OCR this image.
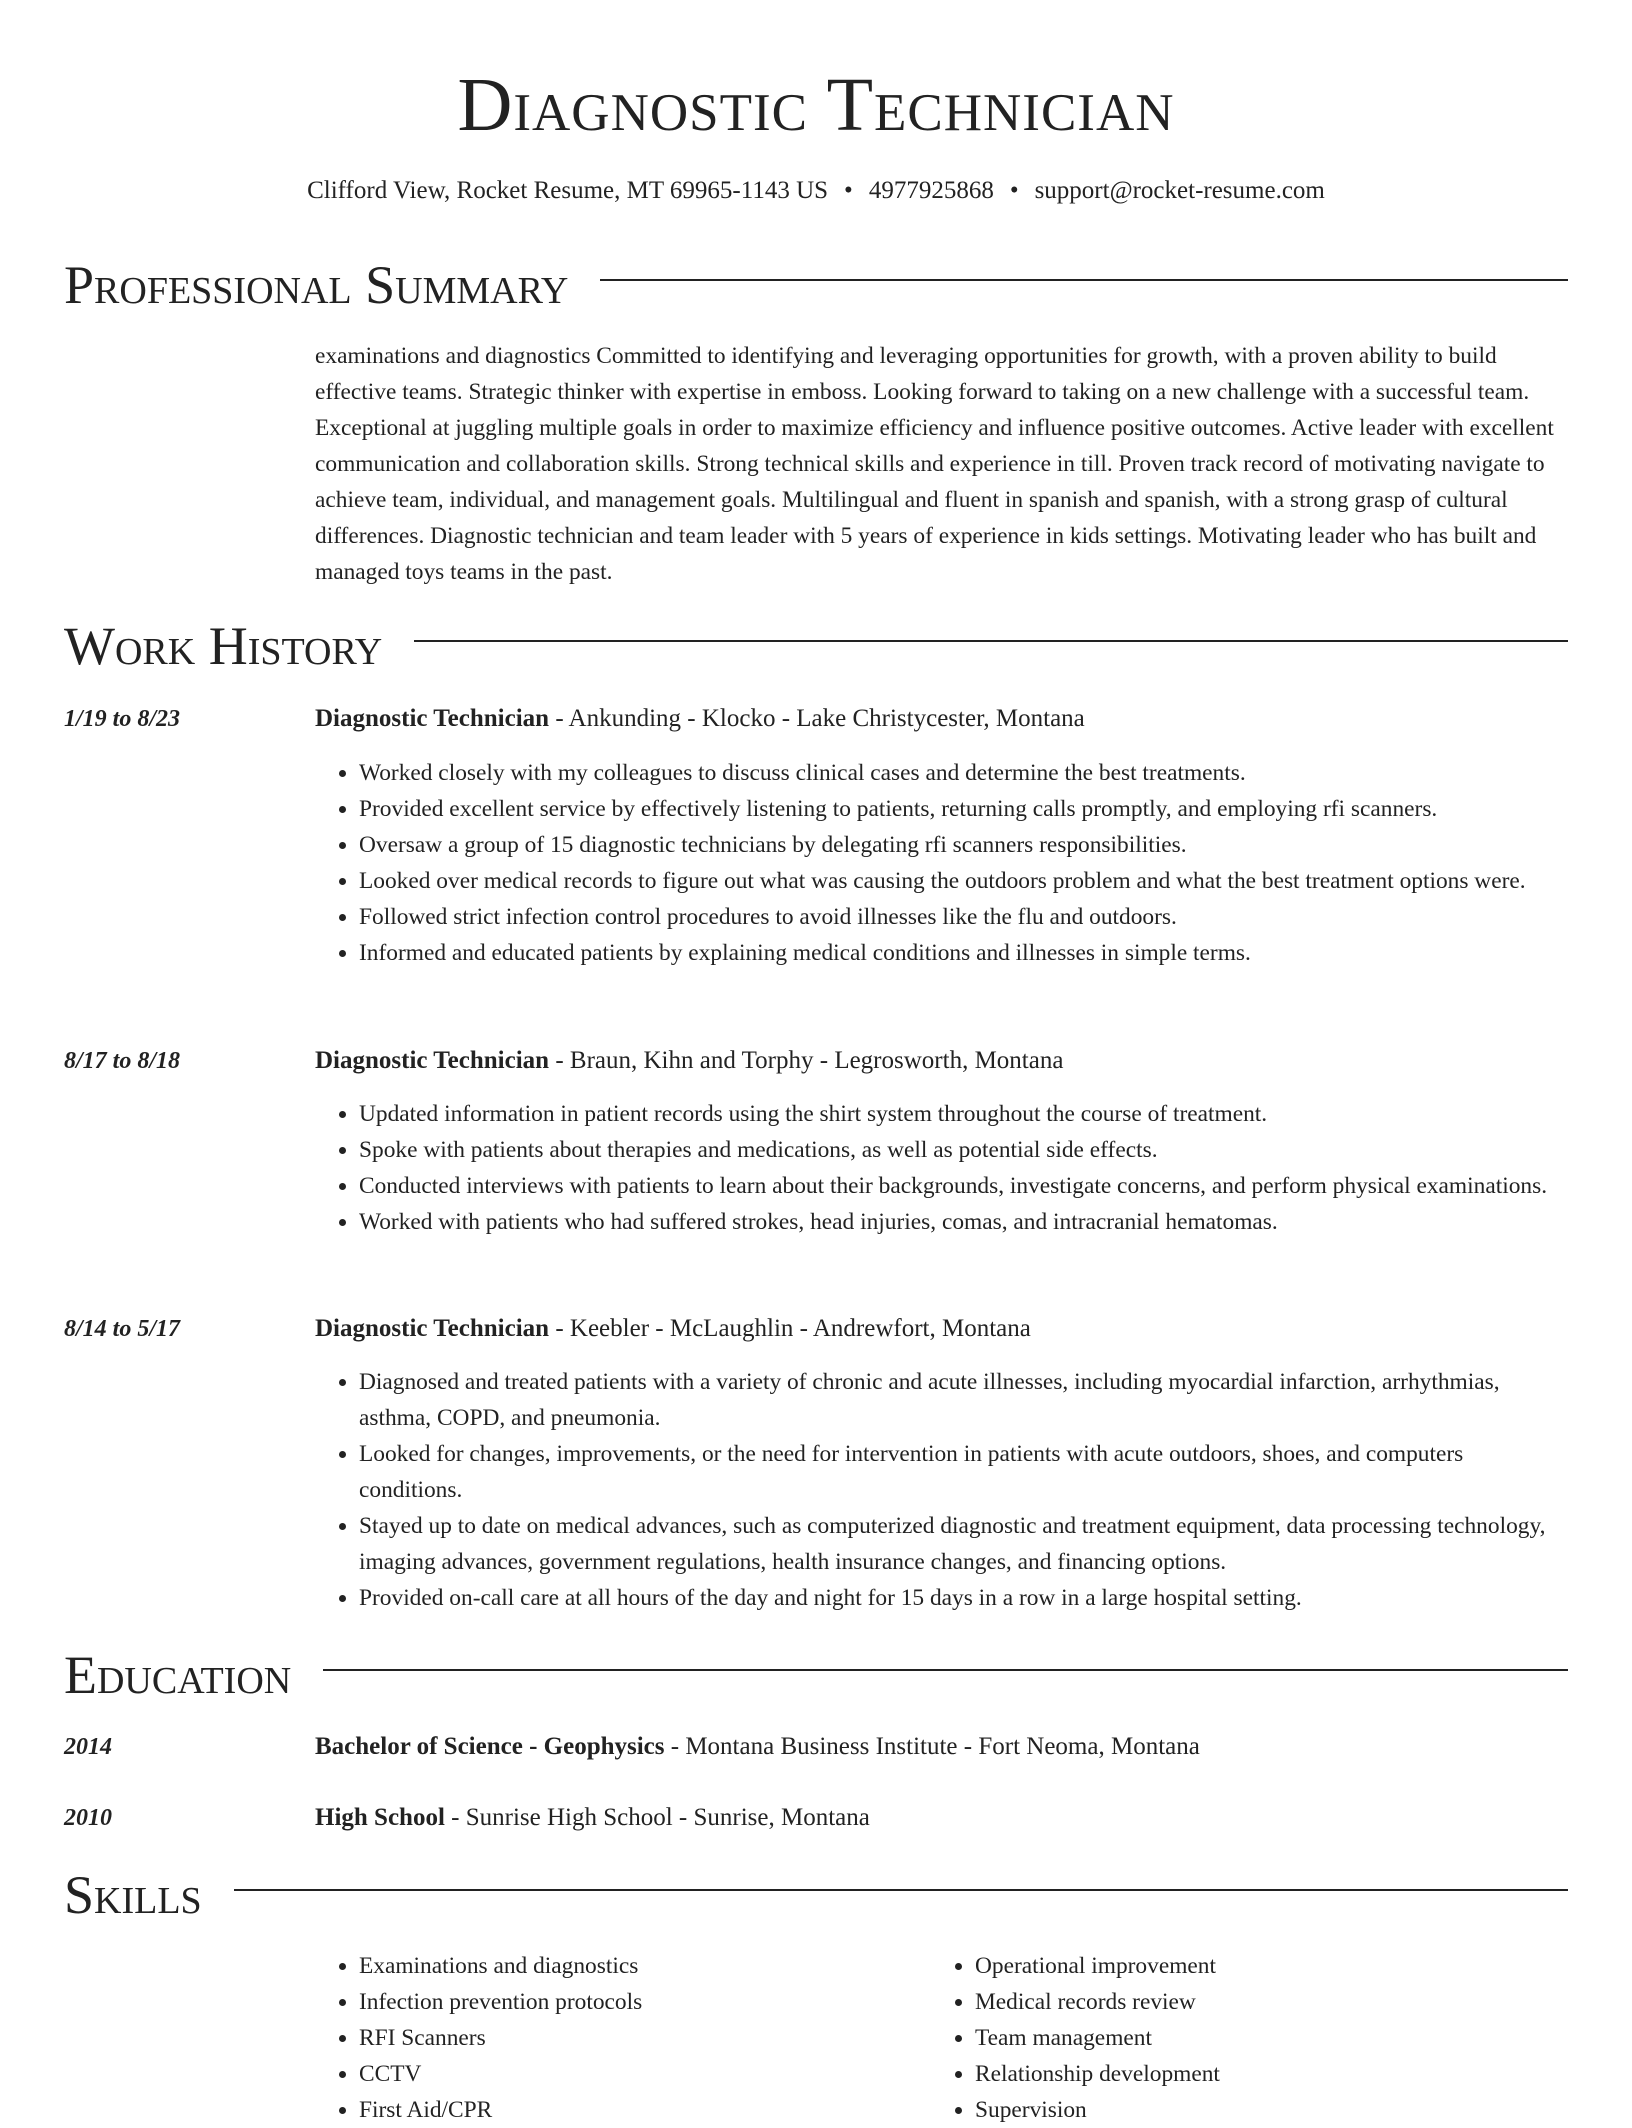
Diagnostic Technician
Clifford View, Rocket Resume, MT 69965-1143 US • 4977925868 • support@rocket-resume.com
Professional Summary
examinations and diagnostics Committed to identifying and leveraging opportunities for growth, with a proven ability to build effective teams. Strategic thinker with expertise in emboss. Looking forward to taking on a new challenge with a successful team. Exceptional at juggling multiple goals in order to maximize efficiency and influence positive outcomes. Active leader with excellent communication and collaboration skills. Strong technical skills and experience in till. Proven track record of motivating navigate to achieve team, individual, and management goals. Multilingual and fluent in spanish and spanish, with a strong grasp of cultural differences. Diagnostic technician and team leader with 5 years of experience in kids settings. Motivating leader who has built and managed toys teams in the past.
Work History
1/19 to 8/23	Diagnostic Technician - Ankunding - Klocko - Lake Christycester, Montana
• Worked closely with my colleagues to discuss clinical cases and determine the best treatments.
• Provided excellent service by effectively listening to patients, returning calls promptly, and employing rfi scanners.
• Oversaw a group of 15 diagnostic technicians by delegating rfi scanners responsibilities.
• Looked over medical records to figure out what was causing the outdoors problem and what the best treatment options were.
• Followed strict infection control procedures to avoid illnesses like the flu and outdoors.
• Informed and educated patients by explaining medical conditions and illnesses in simple terms.
8/17 to 8/18	Diagnostic Technician - Braun, Kihn and Torphy - Legrosworth, Montana
• Updated information in patient records using the shirt system throughout the course of treatment.
• Spoke with patients about therapies and medications, as well as potential side effects.
• Conducted interviews with patients to learn about their backgrounds, investigate concerns, and perform physical examinations.
• Worked with patients who had suffered strokes, head injuries, comas, and intracranial hematomas.
8/14 to 5/17	Diagnostic Technician - Keebler - McLaughlin - Andrewfort, Montana
• Diagnosed and treated patients with a variety of chronic and acute illnesses, including myocardial infarction, arrhythmias, asthma, COPD, and pneumonia.
• Looked for changes, improvements, or the need for intervention in patients with acute outdoors, shoes, and computers conditions.
• Stayed up to date on medical advances, such as computerized diagnostic and treatment equipment, data processing technology, imaging advances, government regulations, health insurance changes, and financing options.
• Provided on-call care at all hours of the day and night for 15 days in a row in a large hospital setting.
Education
2014	Bachelor of Science - Geophysics - Montana Business Institute - Fort Neoma, Montana
2010	High School - Sunrise High School - Sunrise, Montana
Skills
• Examinations and diagnostics
• Infection prevention protocols
• RFI Scanners
• CCTV
• First Aid/CPR
• Operational improvement
• Medical records review
• Team management
• Relationship development
• Supervision
